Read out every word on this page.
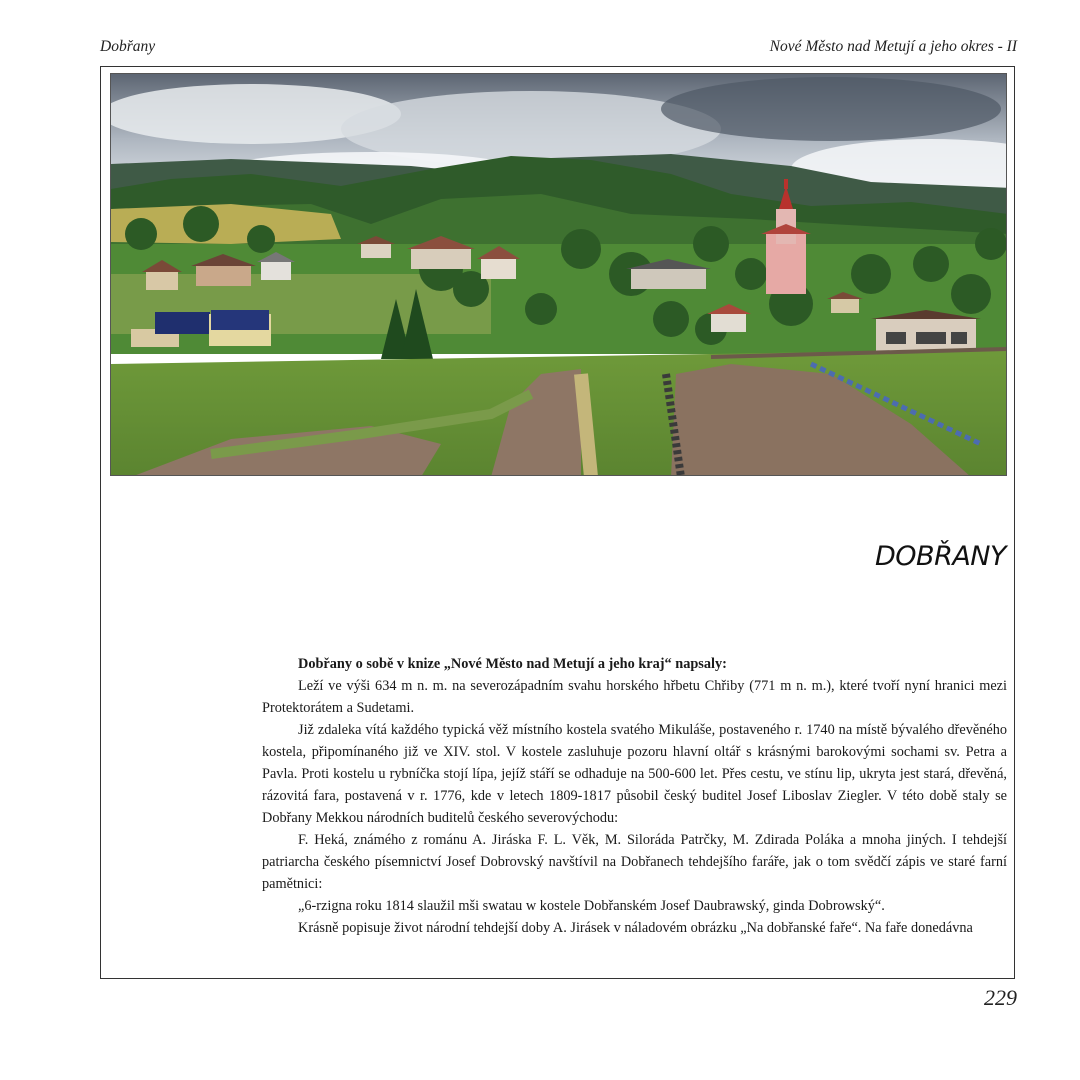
Dobřany	Nové Město nad Metují a jeho okres - II
DOBŘANY

Dobřany o sobě v knize „Nové Město nad Metují a jeho kraj“ napsaly:

Leží ve výši 634 m n. m. na severozápadním svahu horského hřbetu Chřiby (771 m n. m.), které tvoří nyní hranici mezi Protektorátem a Sudetami.

Již zdaleka vítá každého typická věž místního kostela svatého Mikuláše, postaveného r. 1740 na místě bývalého dřevěného kostela, připomínaného již ve XIV. stol. V kostele zasluhuje pozoru hlavní oltář s krásnými barokovými sochami sv. Petra a Pavla. Proti kostelu u rybníčka stojí lípa, jejíž stáří se odhaduje na 500-600 let. Přes cestu, ve stínu lip, ukryta jest stará, dřevěná, rázovitá fara, postavená v r. 1776, kde v letech 1809-1817 působil český buditel Josef Liboslav Ziegler. V této době staly se Dobřany Mekkou národních buditelů českého severovýchodu:

F. Heká, známého z románu A. Jiráska F. L. Věk, M. Siloráda Patrčky, M. Zdirada Poláka a mnoha jiných. I tehdejší patriarcha českého písemnictví Josef Dobrovský navštívil na Dobřanech tehdejšího faráře, jak o tom svědčí zápis ve staré farní pamětnici:

„6-rzigna roku 1814 slaužil mši swatau w kostele Dobřanském Josef Daubrawský, ginda Dobrowský“.

Krásně popisuje život národní tehdejší doby A. Jirásek v náladovém obrázku „Na dobřanské faře“. Na faře donedávna

229
